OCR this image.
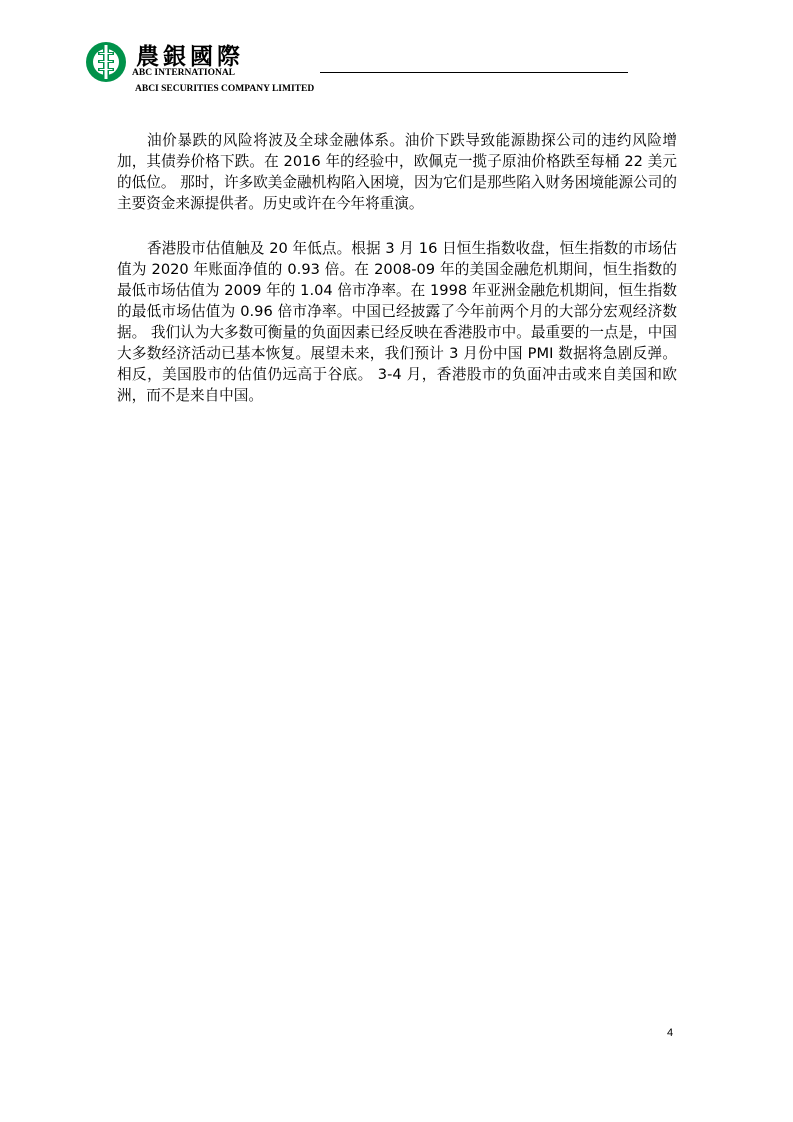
農銀國際
ABC INTERNATIONAL
ABCI SECURITIES COMPANY LIMITED

油价暴跌的风险将波及全球金融体系。油价下跌导致能源勘探公司的违约风险增加，其债券价格下跌。在 2016 年的经验中，欧佩克一揽子原油价格跌至每桶 22 美元的低位。 那时，许多欧美金融机构陷入困境，因为它们是那些陷入财务困境能源公司的主要资金来源提供者。历史或许在今年将重演。

香港股市估值触及 20 年低点。根据 3 月 16 日恒生指数收盘，恒生指数的市场估值为 2020 年账面净值的 0.93 倍。在 2008-09 年的美国金融危机期间，恒生指数的最低市场估值为 2009 年的 1.04 倍市净率。在 1998 年亚洲金融危机期间，恒生指数的最低市场估值为 0.96 倍市净率。中国已经披露了今年前两个月的大部分宏观经济数据。 我们认为大多数可衡量的负面因素已经反映在香港股市中。最重要的一点是，中国大多数经济活动已基本恢复。展望未来，我们预计 3 月份中国 PMI 数据将急剧反弹。相反，美国股市的估值仍远高于谷底。 3-4 月，香港股市的负面冲击或来自美国和欧洲，而不是来自中国。

4
